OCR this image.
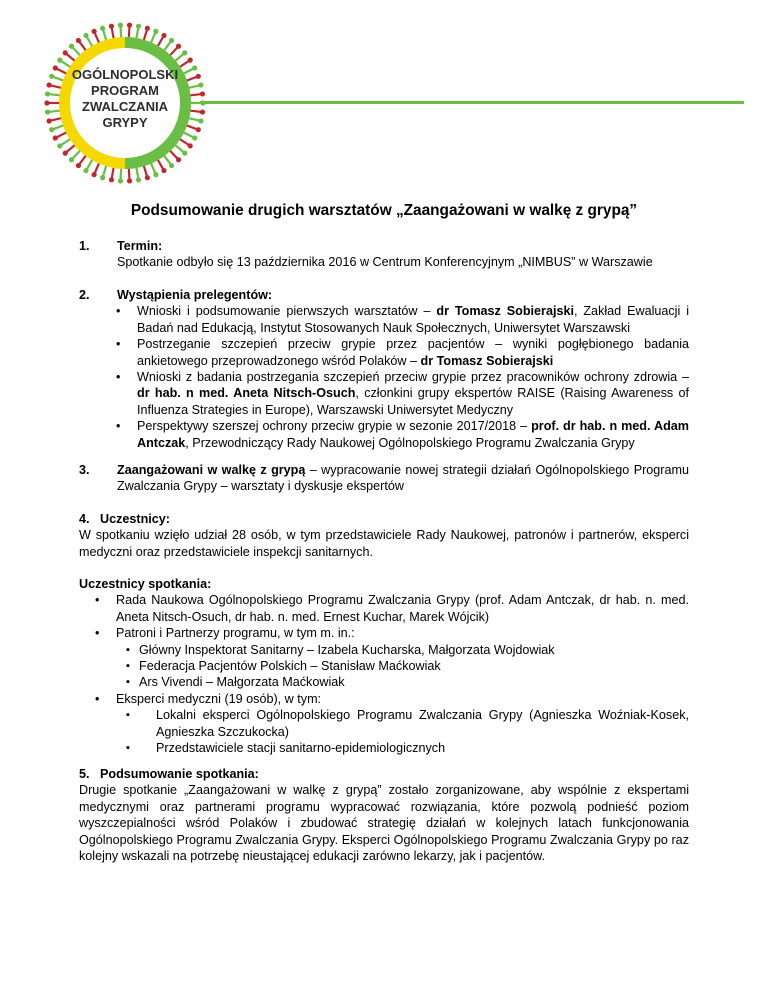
OGÓLNOPOLSKI
PROGRAM
ZWALCZANIA
GRYPY
Podsumowanie drugich warsztatów „Zaangażowani w walkę z grypą”
1. Termin:
Spotkanie odbyło się 13 października 2016 w Centrum Konferencyjnym „NIMBUS” w Warszawie
2. Wystąpienia prelegentów:
• Wnioski i podsumowanie pierwszych warsztatów – dr Tomasz Sobierajski, Zakład Ewaluacji i Badań nad Edukacją, Instytut Stosowanych Nauk Społecznych, Uniwersytet Warszawski
• Postrzeganie szczepień przeciw grypie przez pacjentów – wyniki pogłębionego badania ankietowego przeprowadzonego wśród Polaków – dr Tomasz Sobierajski
• Wnioski z badania postrzegania szczepień przeciw grypie przez pracowników ochrony zdrowia – dr hab. n med. Aneta Nitsch-Osuch, członkini grupy ekspertów RAISE (Raising Awareness of Influenza Strategies in Europe), Warszawski Uniwersytet Medyczny
• Perspektywy szerszej ochrony przeciw grypie w sezonie 2017/2018 – prof. dr hab. n med. Adam Antczak, Przewodniczący Rady Naukowej Ogólnopolskiego Programu Zwalczania Grypy
3. Zaangażowani w walkę z grypą – wypracowanie nowej strategii działań Ogólnopolskiego Programu Zwalczania Grypy – warsztaty i dyskusje ekspertów
4.   Uczestnicy:
W spotkaniu wzięło udział 28 osób, w tym przedstawiciele Rady Naukowej, patronów i partnerów, eksperci medyczni oraz przedstawiciele inspekcji sanitarnych.
Uczestnicy spotkania:
• Rada Naukowa Ogólnopolskiego Programu Zwalczania Grypy (prof. Adam Antczak, dr hab. n. med. Aneta Nitsch-Osuch, dr hab. n. med. Ernest Kuchar, Marek Wójcik)
• Patroni i Partnerzy programu, w tym m. in.:
▪ Główny Inspektorat Sanitarny – Izabela Kucharska, Małgorzata Wojdowiak
▪ Federacja Pacjentów Polskich – Stanisław Maćkowiak
▪ Ars Vivendi – Małgorzata Maćkowiak
• Eksperci medyczni (19 osób), w tym:
▪ Lokalni eksperci Ogólnopolskiego Programu Zwalczania Grypy (Agnieszka Woźniak-Kosek, Agnieszka Szczukocka)
▪ Przedstawiciele stacji sanitarno-epidemiologicznych
5.   Podsumowanie spotkania:
Drugie spotkanie „Zaangażowani w walkę z grypą” zostało zorganizowane, aby wspólnie z ekspertami medycznymi oraz partnerami programu wypracować rozwiązania, które pozwolą podnieść poziom wyszczepialności wśród Polaków i zbudować strategię działań w kolejnych latach funkcjonowania Ogólnopolskiego Programu Zwalczania Grypy. Eksperci Ogólnopolskiego Programu Zwalczania Grypy po raz kolejny wskazali na potrzebę nieustającej edukacji zarówno lekarzy, jak i pacjentów.
